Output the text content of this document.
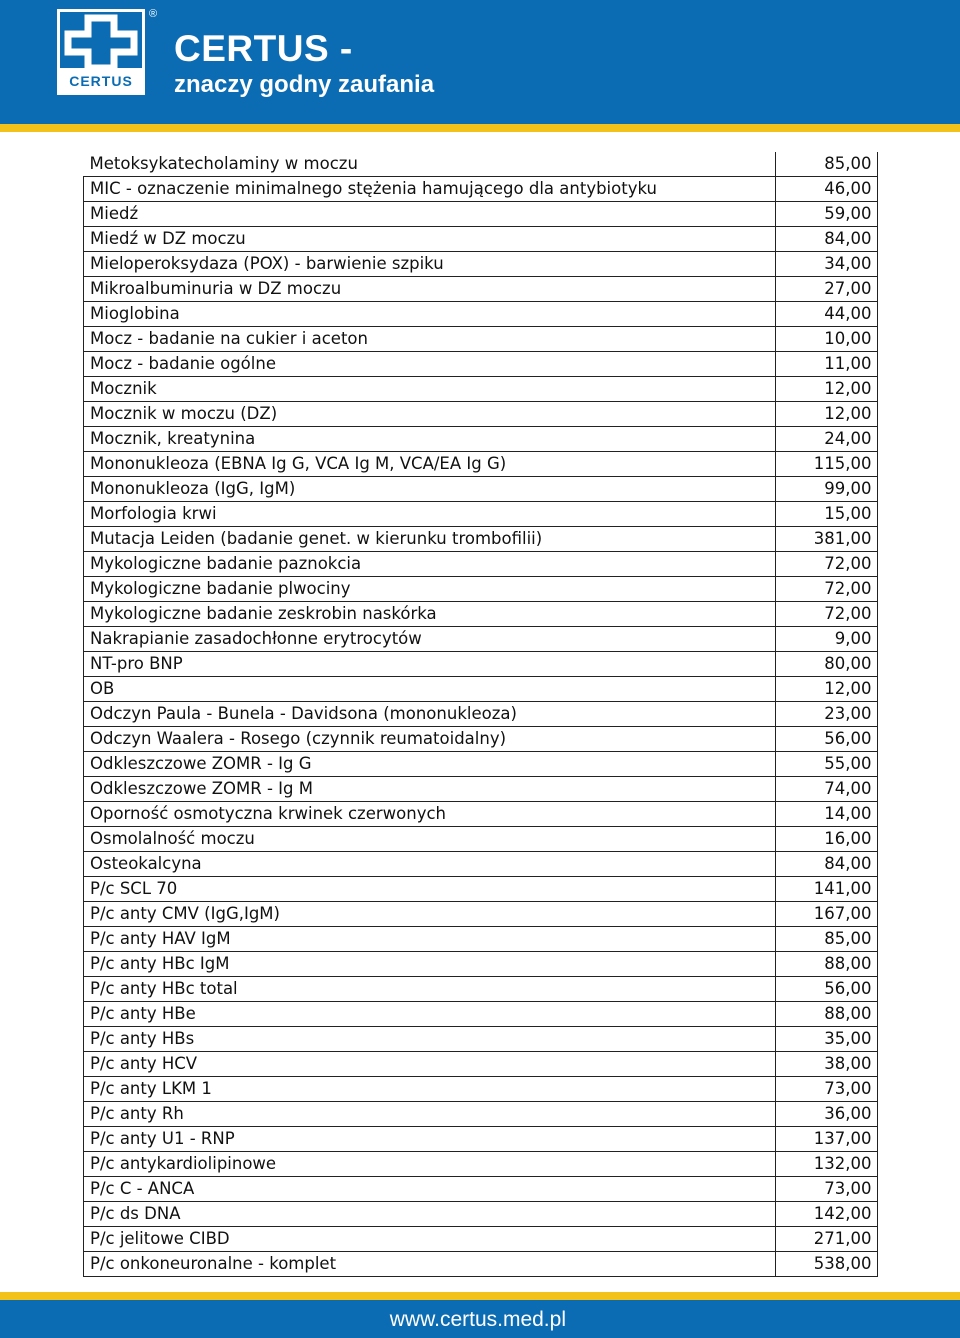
CERTUS
®
CERTUS -
znaczy godny zaufania
Metoksykatecholaminy w moczu	85,00
MIC - oznaczenie minimalnego stężenia hamującego dla antybiotyku	46,00
Miedź	59,00
Miedź w DZ moczu	84,00
Mieloperoksydaza (POX) - barwienie szpiku	34,00
Mikroalbuminuria w DZ moczu	27,00
Mioglobina	44,00
Mocz - badanie na cukier i aceton	10,00
Mocz - badanie ogólne	11,00
Mocznik	12,00
Mocznik w moczu (DZ)	12,00
Mocznik, kreatynina	24,00
Mononukleoza (EBNA Ig G, VCA Ig M, VCA/EA Ig G)	115,00
Mononukleoza (IgG, IgM)	99,00
Morfologia krwi	15,00
Mutacja Leiden (badanie genet. w kierunku trombofilii)	381,00
Mykologiczne badanie paznokcia	72,00
Mykologiczne badanie plwociny	72,00
Mykologiczne badanie zeskrobin naskórka	72,00
Nakrapianie zasadochłonne erytrocytów	9,00
NT-pro BNP	80,00
OB	12,00
Odczyn Paula - Bunela - Davidsona (mononukleoza)	23,00
Odczyn Waalera - Rosego (czynnik reumatoidalny)	56,00
Odkleszczowe ZOMR - Ig G	55,00
Odkleszczowe ZOMR - Ig M	74,00
Oporność osmotyczna krwinek czerwonych	14,00
Osmolalność moczu	16,00
Osteokalcyna	84,00
P/c SCL 70	141,00
P/c anty CMV (IgG,IgM)	167,00
P/c anty HAV IgM	85,00
P/c anty HBc IgM	88,00
P/c anty HBc total	56,00
P/c anty HBe	88,00
P/c anty HBs	35,00
P/c anty HCV	38,00
P/c anty LKM 1	73,00
P/c anty Rh	36,00
P/c anty U1 - RNP	137,00
P/c antykardiolipinowe	132,00
P/c C - ANCA	73,00
P/c ds DNA	142,00
P/c jelitowe CIBD	271,00
P/c onkoneuronalne - komplet	538,00
www.certus.med.pl
